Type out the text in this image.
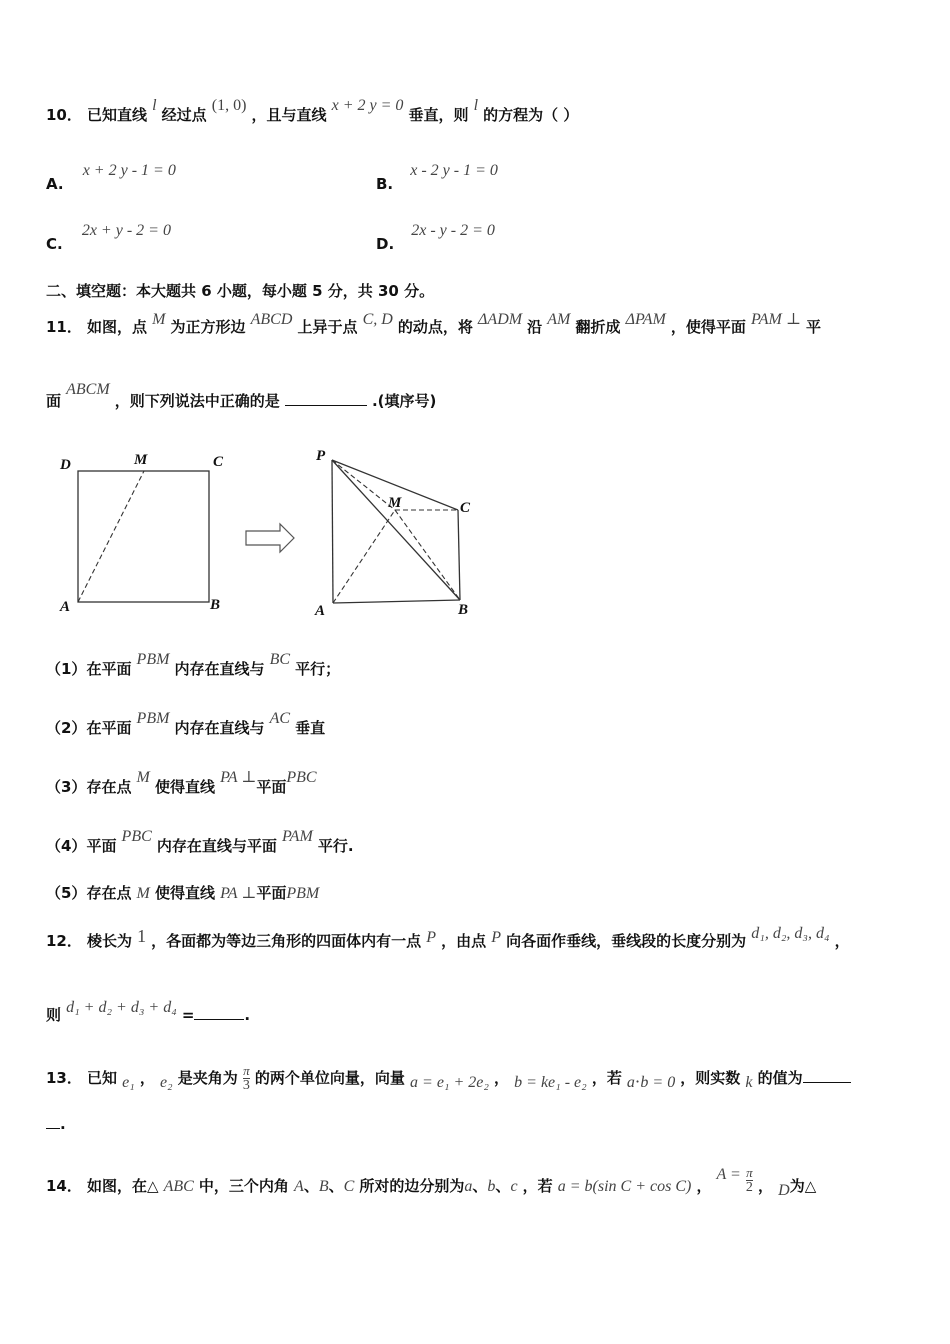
10． 已知直线 l 经过点 (1, 0) ，且与直线 x + 2 y = 0 垂直，则 l 的方程为（ ）
A. x + 2 y - 1 = 0
B. x - 2 y - 1 = 0
C. 2x + y - 2 = 0
D. 2x - y - 2 = 0
二、填空题：本大题共 6 小题，每小题 5 分，共 30 分。
11． 如图，点 M 为正方形边 ABCD 上异于点 C, D 的动点，将 ΔADM 沿 AM 翻折成 ΔPAM ，使得平面 PAM ⊥ 平
面 ABCM ，则下列说法中正确的是	.(填序号)
D	M	C
A	B
P
M	C
A	B
（1）在平面 PBM 内存在直线与 BC 平行；
（2）在平面 PBM 内存在直线与 AC 垂直
（3）存在点 M 使得直线 PA ⊥平面PBC
（4）平面 PBC 内存在直线与平面 PAM 平行.
（5）存在点 M 使得直线 PA ⊥平面PBM
12． 棱长为 1 ，各面都为等边三角形的四面体内有一点 P ，由点 P 向各面作垂线，垂线段的长度分别为 d₁, d₂, d₃, d₄ ，
则 d₁ + d₂ + d₃ + d₄ =	.
13． 已知 e₁ ， e₂ 是夹角为 $\frac{\pi}{3}$ 的两个单位向量，向量 a = e₁ + 2e₂ ， b = ke₁ - e₂ ，若 a⋅b = 0 ，则实数 k 的值为
.
14． 如图，在△ ABC 中，三个内角 A、B、C 所对的边分别为a、b、c ，若 a = b(sin C + cos C) ， $A = \frac{\pi}{2}$ ， D为△
